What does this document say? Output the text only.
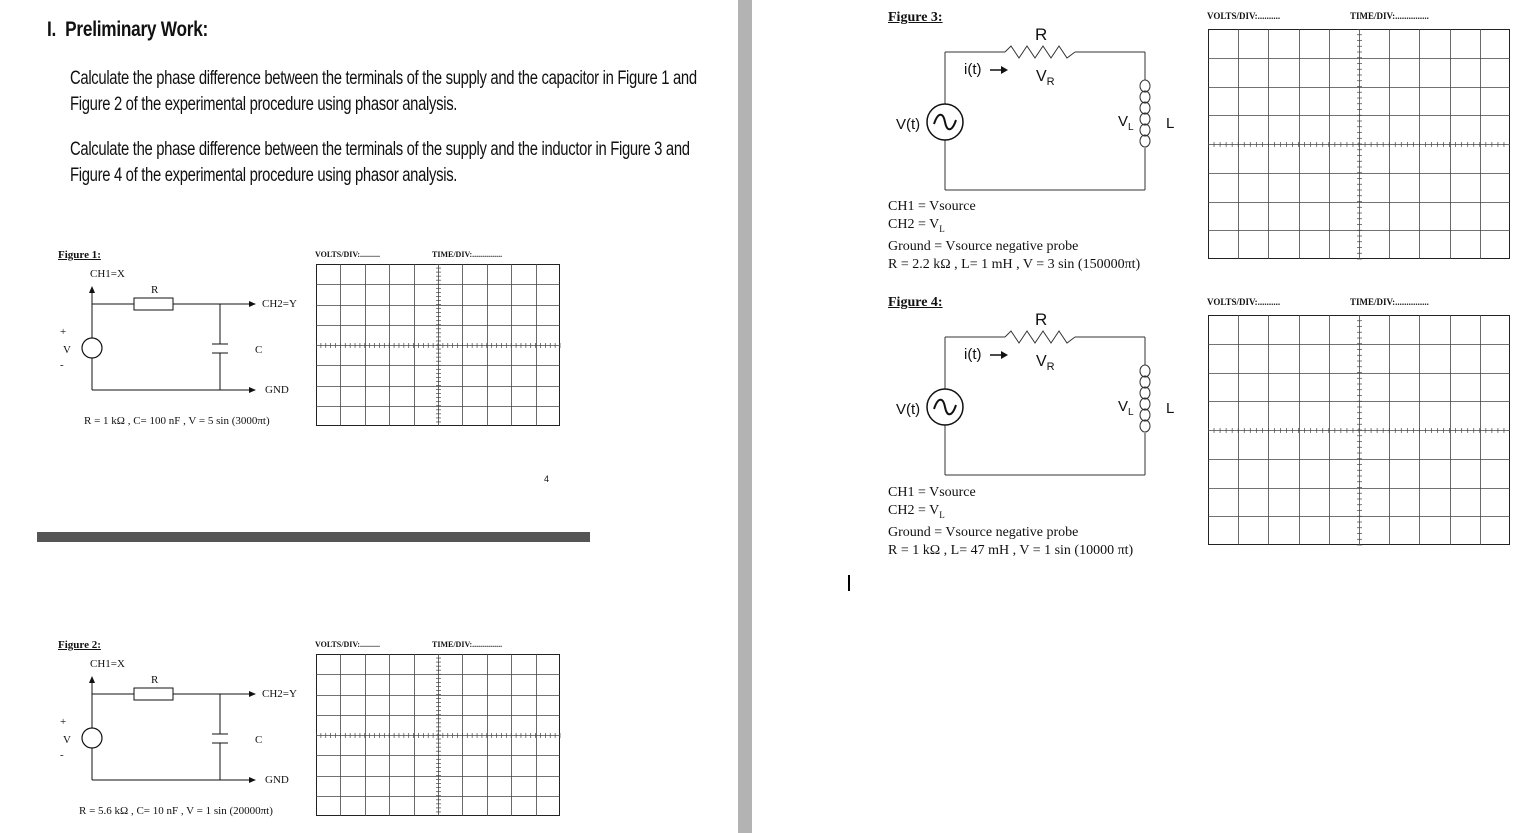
I. Preliminary Work:
Calculate the phase difference between the terminals of the supply and the capacitor in Figure 1 and
Figure 2 of the experimental procedure using phasor analysis.
Calculate the phase difference between the terminals of the supply and the inductor in Figure 3 and
Figure 4 of the experimental procedure using phasor analysis.
Figure 1:
CH1=X
R
CH2=Y
+
V
-
C
GND
R = 1 kΩ , C= 100 nF , V = 5 sin (3000πt)
VOLTS/DIV:..........	TIME/DIV:...............
4
Figure 2:
CH1=X
R
CH2=Y
+
V
-
C
GND
R = 5.6 kΩ , C= 10 nF , V = 1 sin (20000πt)
VOLTS/DIV:..........	TIME/DIV:...............
Figure 3:
R
i(t)	$V_R$
V(t)	$V_L$ L
CH1 = Vsource
$CH2 = V_L$
Ground = Vsource negative probe
R = 2.2 kΩ , L= 1 mH , V = 3 sin (150000πt)
VOLTS/DIV:..........	TIME/DIV:...............
Figure 4:
R
i(t)	$V_R$
V(t)	$V_L$ L
CH1 = Vsource
$CH2 = V_L$
Ground = Vsource negative probe
R = 1 kΩ , L= 47 mH , V = 1 sin (10000 πt)
VOLTS/DIV:..........	TIME/DIV:...............
